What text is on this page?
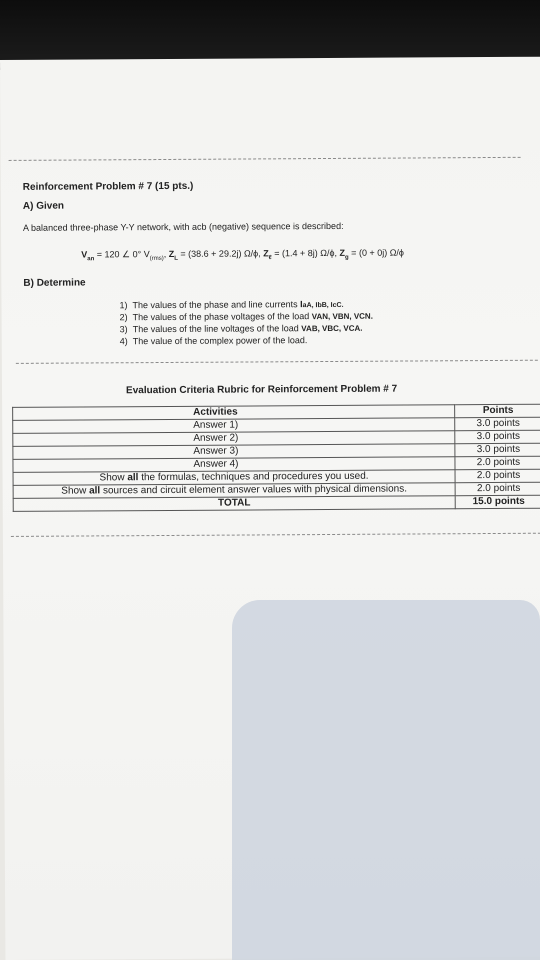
Reinforcement Problem # 7 (15 pts.)
A) Given
A balanced three-phase Y-Y network, with acb (negative) sequence is described:
$V_{an} = 120$ ∠ 0° $V_{(rms)}$, $Z_L = (38.6 + 29.2j)$ Ω/ϕ, $Z_\ell = (1.4 + 8j)$ Ω/ϕ, $Z_g = (0 + 0j)$ Ω/ϕ
B) Determine
1) The values of the phase and line currents IaA, IbB, IcC.
2) The values of the phase voltages of the load VAN, VBN, VCN.
3) The values of the line voltages of the load VAB, VBC, VCA.
4) The value of the complex power of the load.
Evaluation Criteria Rubric for Reinforcement Problem # 7
Activities	Points

Answer 1)	3.0 points

Answer 2)	3.0 points

Answer 3)	3.0 points

Answer 4)	2.0 points
Show all the formulas, techniques and procedures you used.	2.0 points
Show all sources and circuit element answer values with physical dimensions.	2.0 points
TOTAL	15.0 points
